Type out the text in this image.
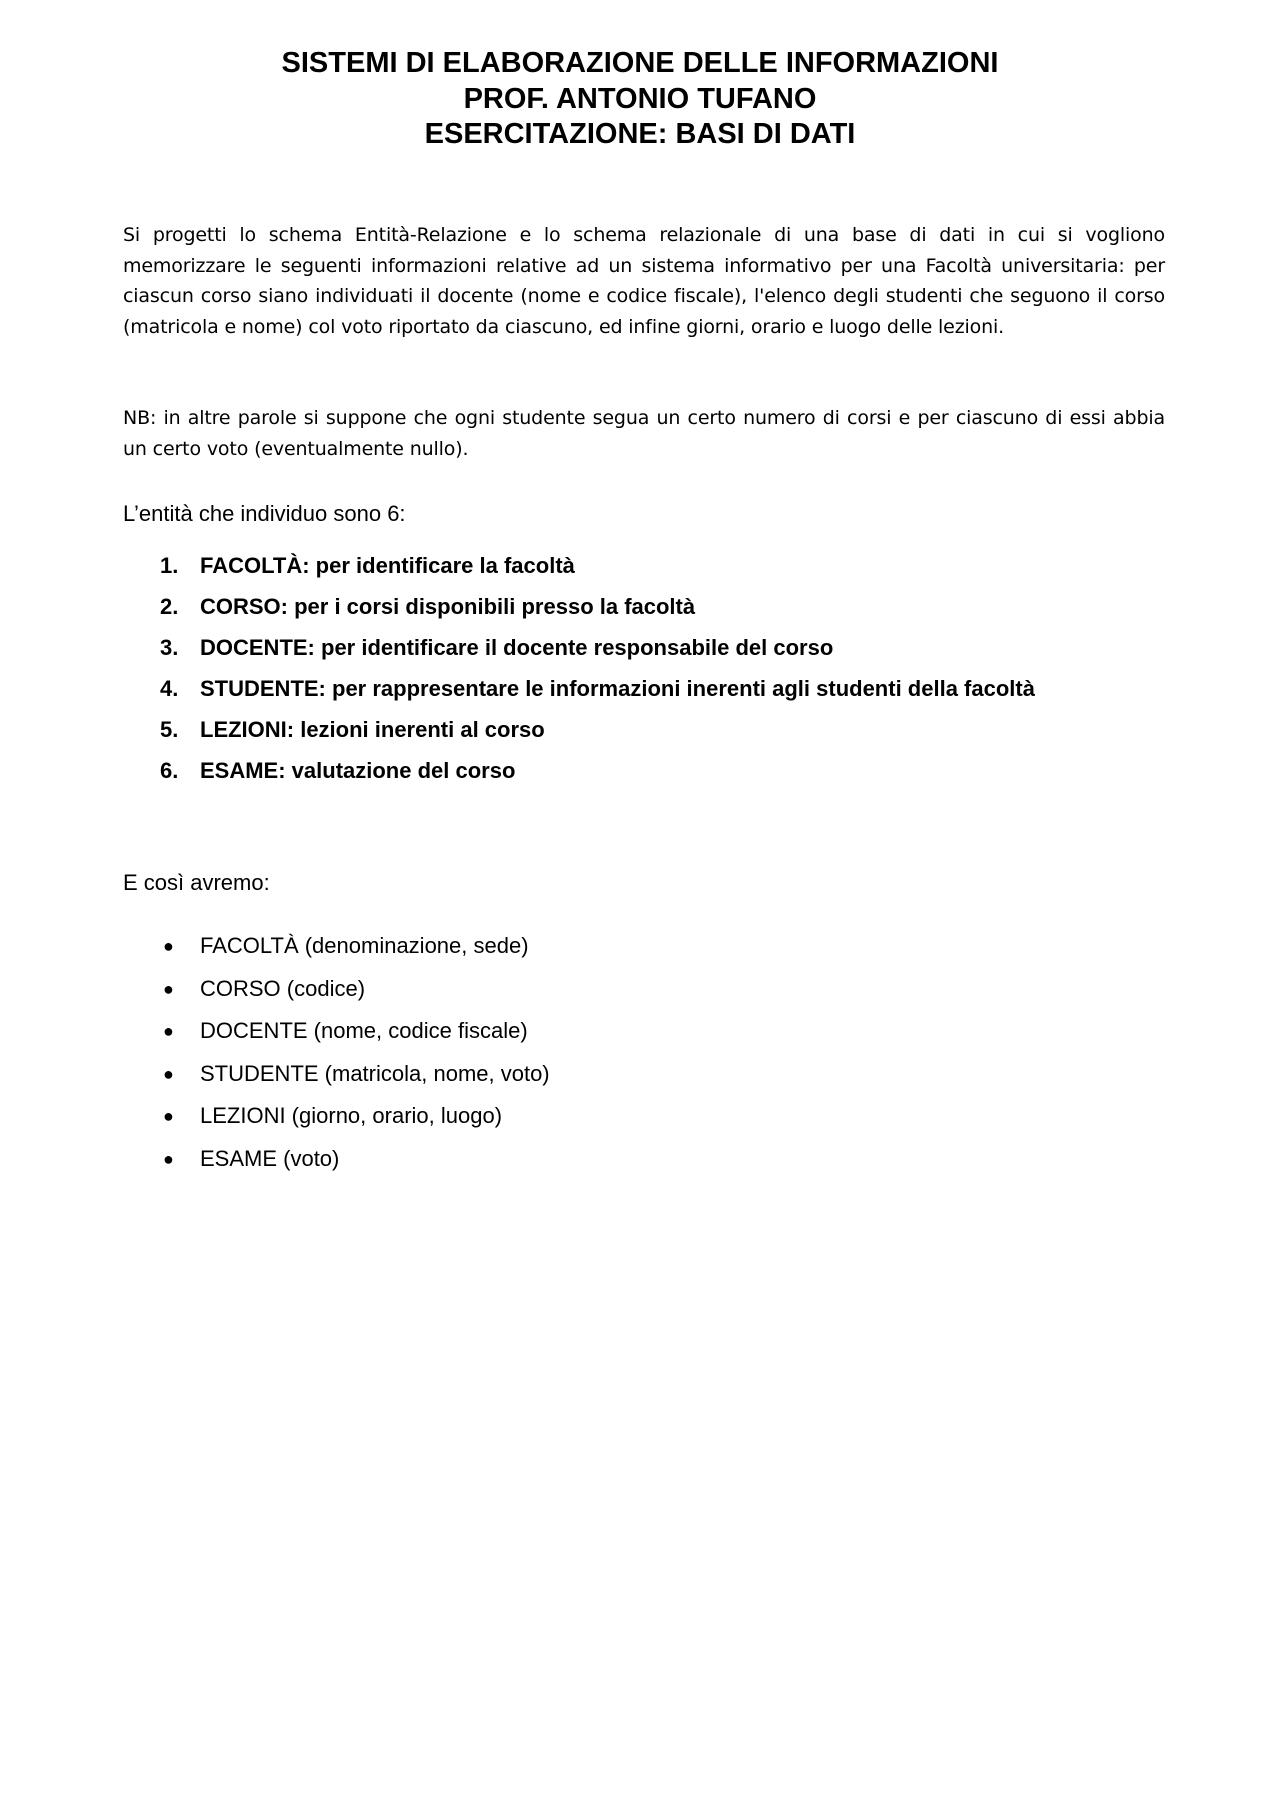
SISTEMI DI ELABORAZIONE DELLE INFORMAZIONI
PROF. ANTONIO TUFANO
ESERCITAZIONE: BASI DI DATI
Si progetti lo schema Entità-Relazione e lo schema relazionale di una base di dati in cui si vogliono memorizzare le seguenti informazioni relative ad un sistema informativo per una Facoltà universitaria: per ciascun corso siano individuati il docente (nome e codice fiscale), l'elenco degli studenti che seguono il corso (matricola e nome) col voto riportato da ciascuno, ed infine giorni, orario e luogo delle lezioni.
NB: in altre parole si suppone che ogni studente segua un certo numero di corsi e per ciascuno di essi abbia un certo voto (eventualmente nullo).
L’entità che individuo sono 6:
1. FACOLTÀ: per identificare la facoltà
2. CORSO: per i corsi disponibili presso la facoltà
3. DOCENTE: per identificare il docente responsabile del corso
4. STUDENTE: per rappresentare le informazioni inerenti agli studenti della facoltà
5. LEZIONI: lezioni inerenti al corso
6. ESAME: valutazione del corso
E così avremo:
●	FACOLTÀ (denominazione, sede)
●	CORSO (codice)
●	DOCENTE (nome, codice fiscale)
●	STUDENTE (matricola, nome, voto)
●	LEZIONI (giorno, orario, luogo)
●	ESAME (voto)
